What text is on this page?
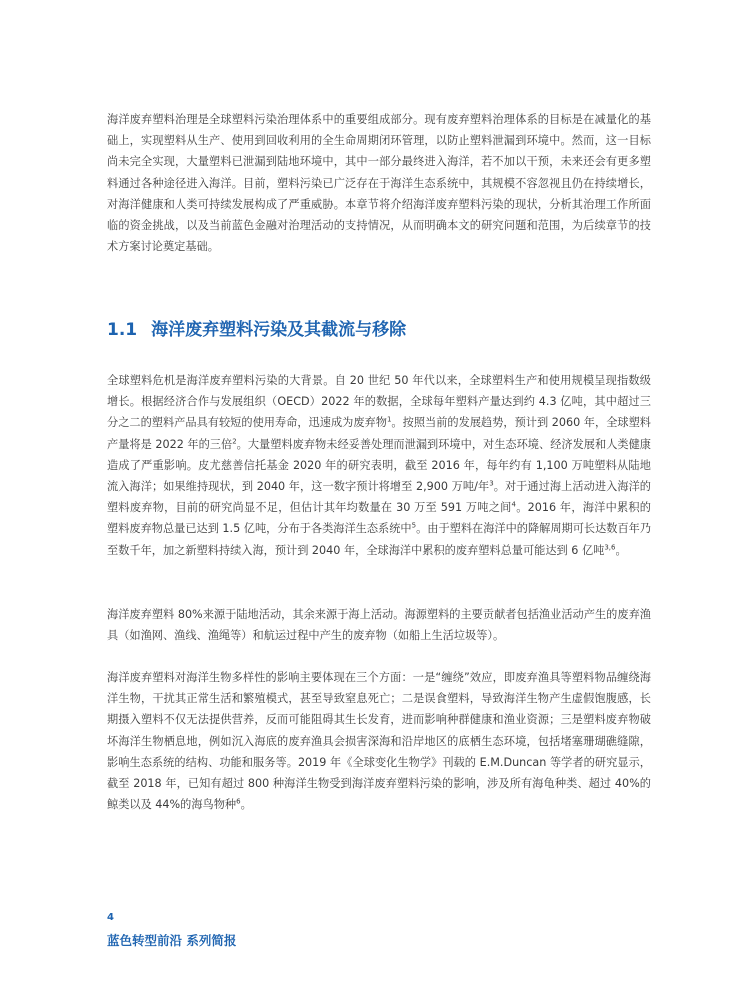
海洋废弃塑料治理是全球塑料污染治理体系中的重要组成部分。现有废弃塑料治理体系的目标是在减量化的基础上，实现塑料从生产、使用到回收利用的全生命周期闭环管理，以防止塑料泄漏到环境中。然而，这一目标尚未完全实现，大量塑料已泄漏到陆地环境中，其中一部分最终进入海洋，若不加以干预，未来还会有更多塑料通过各种途径进入海洋。目前，塑料污染已广泛存在于海洋生态系统中，其规模不容忽视且仍在持续增长，对海洋健康和人类可持续发展构成了严重威胁。本章节将介绍海洋废弃塑料污染的现状，分析其治理工作所面临的资金挑战，以及当前蓝色金融对治理活动的支持情况，从而明确本文的研究问题和范围，为后续章节的技术方案讨论奠定基础。

1.1 海洋废弃塑料污染及其截流与移除

全球塑料危机是海洋废弃塑料污染的大背景。自 20 世纪 50 年代以来，全球塑料生产和使用规模呈现指数级增长。根据经济合作与发展组织（OECD）2022 年的数据，全球每年塑料产量达到约 4.3 亿吨，其中超过三分之二的塑料产品具有较短的使用寿命，迅速成为废弃物$^1$。按照当前的发展趋势，预计到 2060 年，全球塑料产量将是 2022 年的三倍$^2$。大量塑料废弃物未经妥善处理而泄漏到环境中，对生态环境、经济发展和人类健康造成了严重影响。皮尤慈善信托基金 2020 年的研究表明，截至 2016 年，每年约有 1,100 万吨塑料从陆地流入海洋；如果维持现状，到 2040 年，这一数字预计将增至 2,900 万吨/年$^3$。对于通过海上活动进入海洋的塑料废弃物，目前的研究尚显不足，但估计其年均数量在 30 万至 591 万吨之间$^4$。2016 年，海洋中累积的塑料废弃物总量已达到 1.5 亿吨，分布于各类海洋生态系统中$^5$。由于塑料在海洋中的降解周期可长达数百年乃至数千年，加之新塑料持续入海，预计到 2040 年，全球海洋中累积的废弃塑料总量可能达到 6 亿吨$^{3,6}$。

海洋废弃塑料 80%来源于陆地活动，其余来源于海上活动。海源塑料的主要贡献者包括渔业活动产生的废弃渔具（如渔网、渔线、渔绳等）和航运过程中产生的废弃物（如船上生活垃圾等）。

海洋废弃塑料对海洋生物多样性的影响主要体现在三个方面：一是“缠绕”效应，即废弃渔具等塑料物品缠绕海洋生物，干扰其正常生活和繁殖模式，甚至导致窒息死亡；二是误食塑料，导致海洋生物产生虚假饱腹感，长期摄入塑料不仅无法提供营养，反而可能阻碍其生长发育，进而影响种群健康和渔业资源；三是塑料废弃物破坏海洋生物栖息地，例如沉入海底的废弃渔具会损害深海和沿岸地区的底栖生态环境，包括堵塞珊瑚礁缝隙，影响生态系统的结构、功能和服务等。2019 年《全球变化生物学》刊载的 E.M.Duncan 等学者的研究显示，截至 2018 年，已知有超过 800 种海洋生物受到海洋废弃塑料污染的影响，涉及所有海龟种类、超过 40%的鲸类以及 44%的海鸟物种$^6$。

4
蓝色转型前沿 系列简报
